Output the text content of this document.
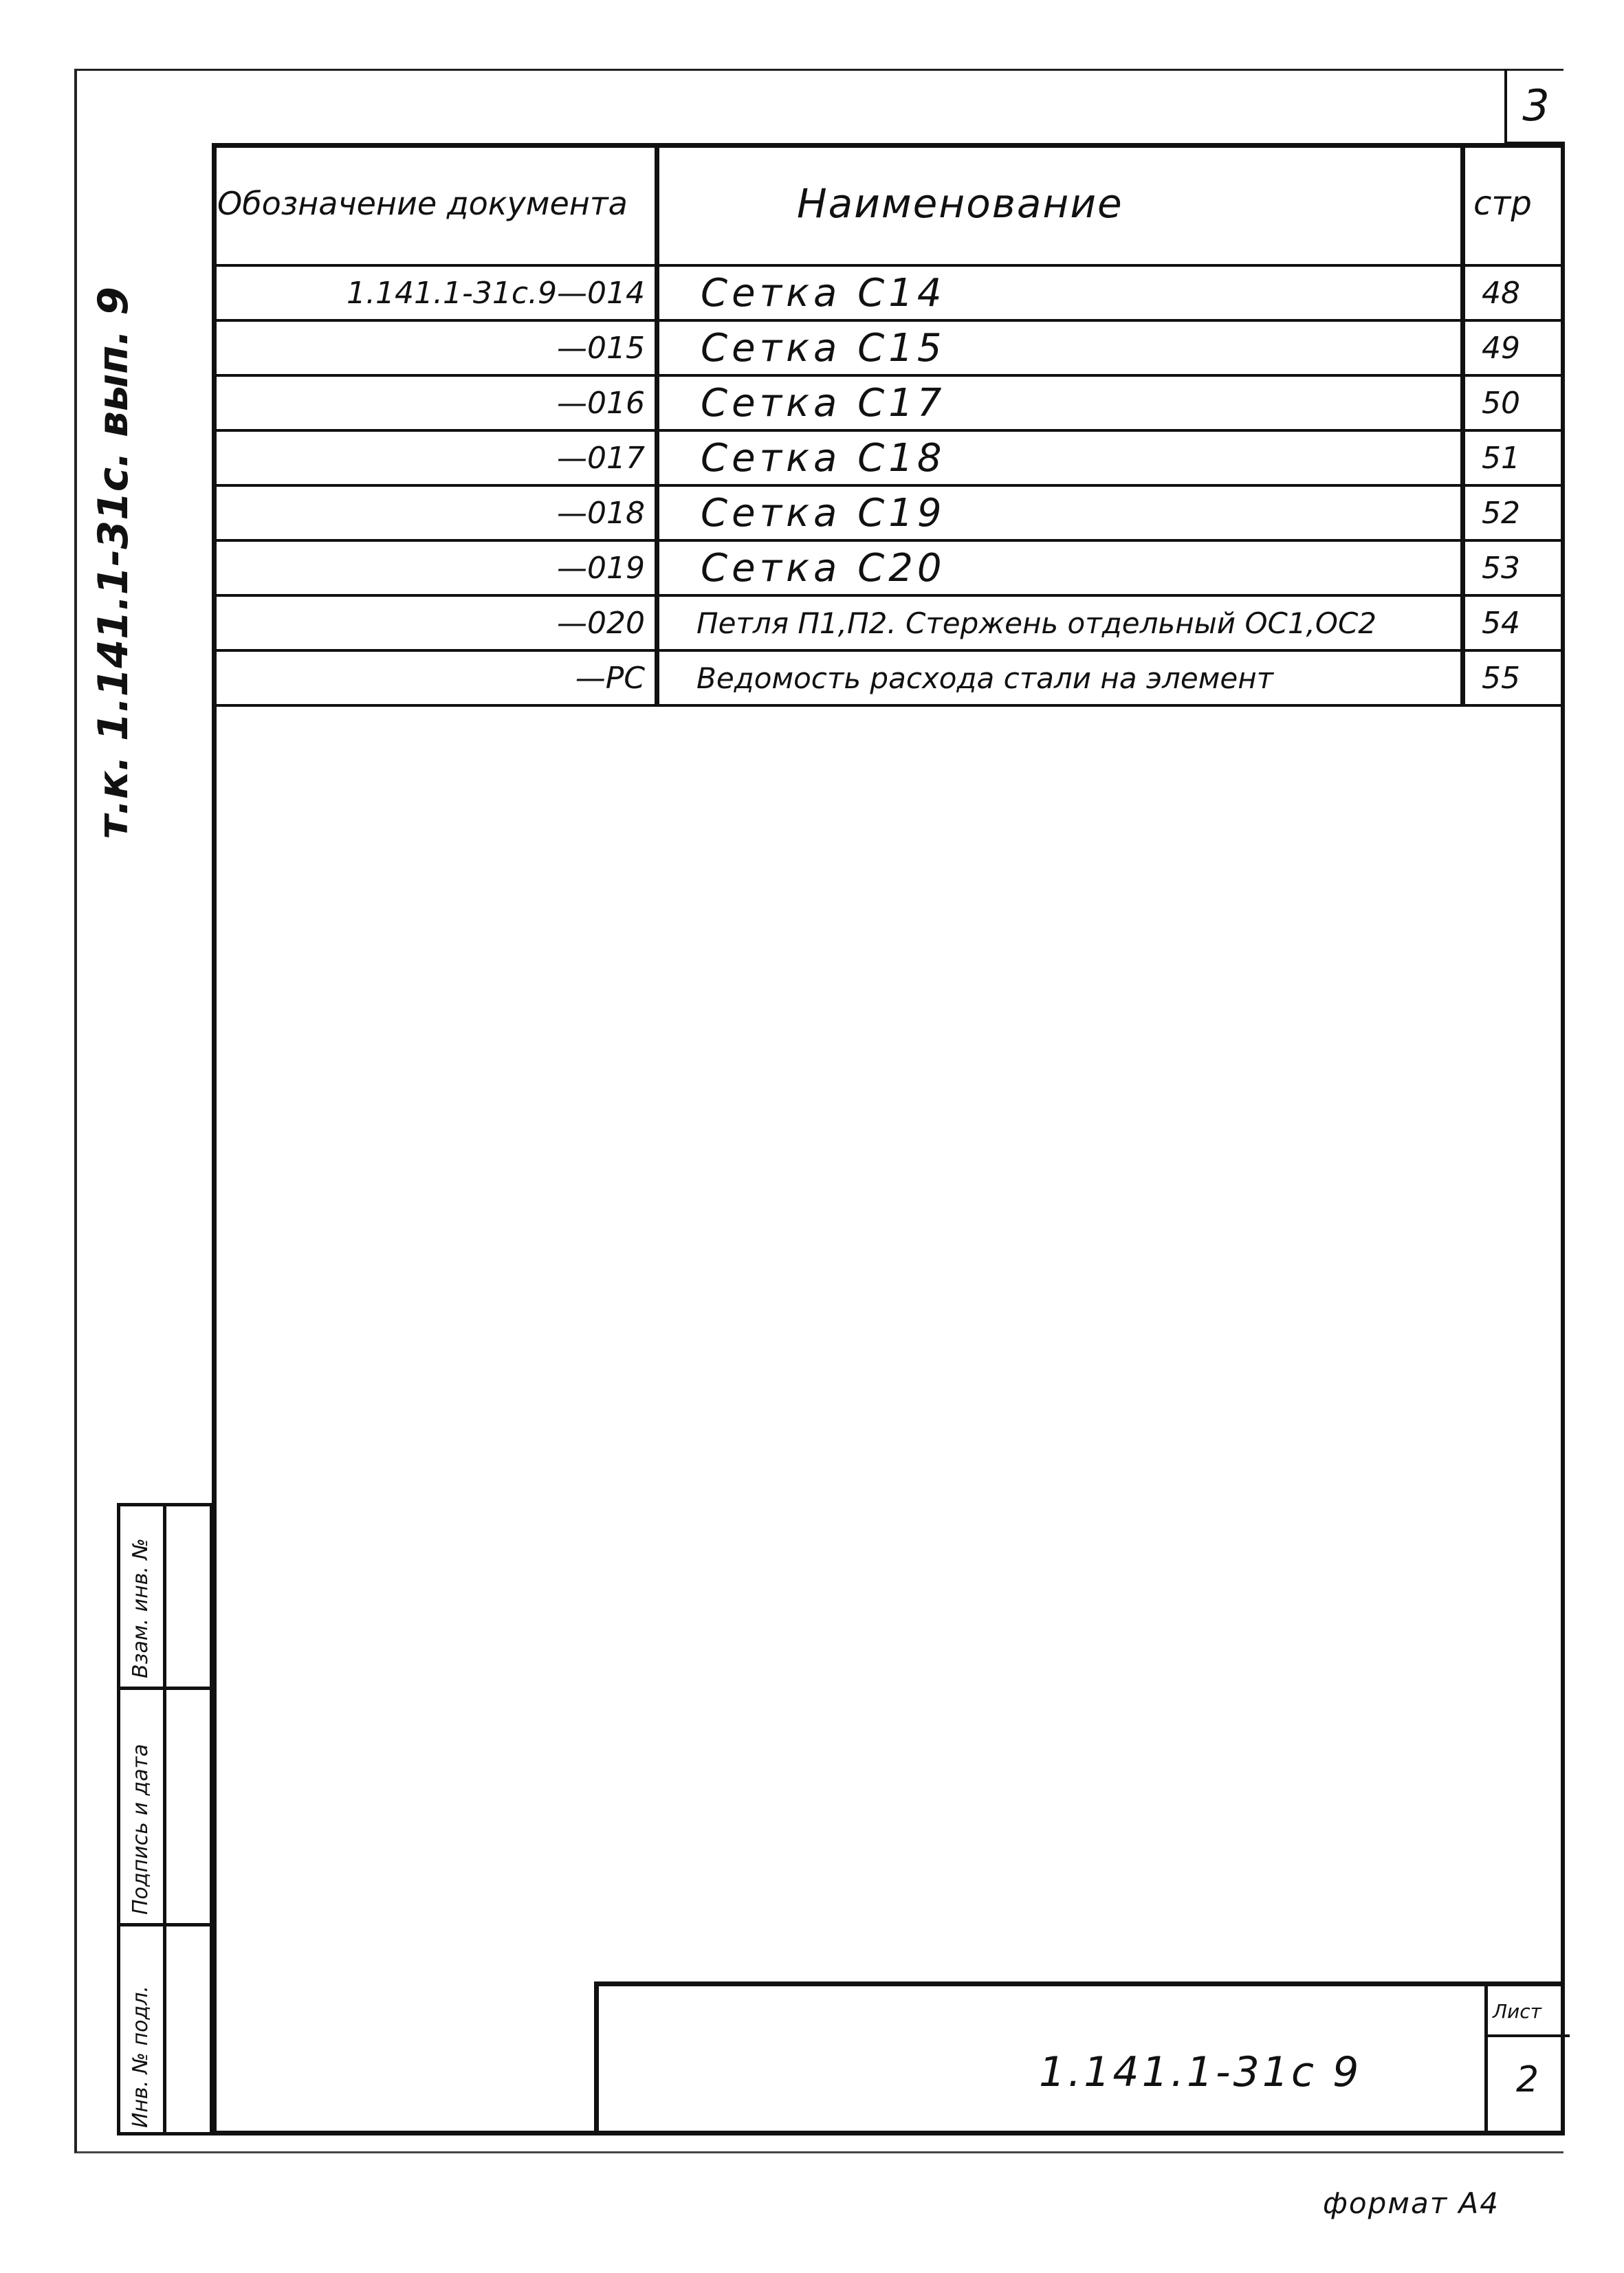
3
т.к. 1.141.1-31с. вып. 9
Обозначение документа	Наименование	стр
1.141.1-31с.9—014	Сетка С14	48
—015	Сетка С15	49
—016	Сетка С17	50
—017	Сетка С18	51
—018	Сетка С19	52
—019	Сетка С20	53
—020	Петля П1,П2. Стержень отдельный ОС1,ОС2	54
—РС	Ведомость расхода стали на элемент	55
Инв. № подл.
Подпись и дата
Взам. инв. №
1.141.1-31с 9
Лист
2
формат А4
